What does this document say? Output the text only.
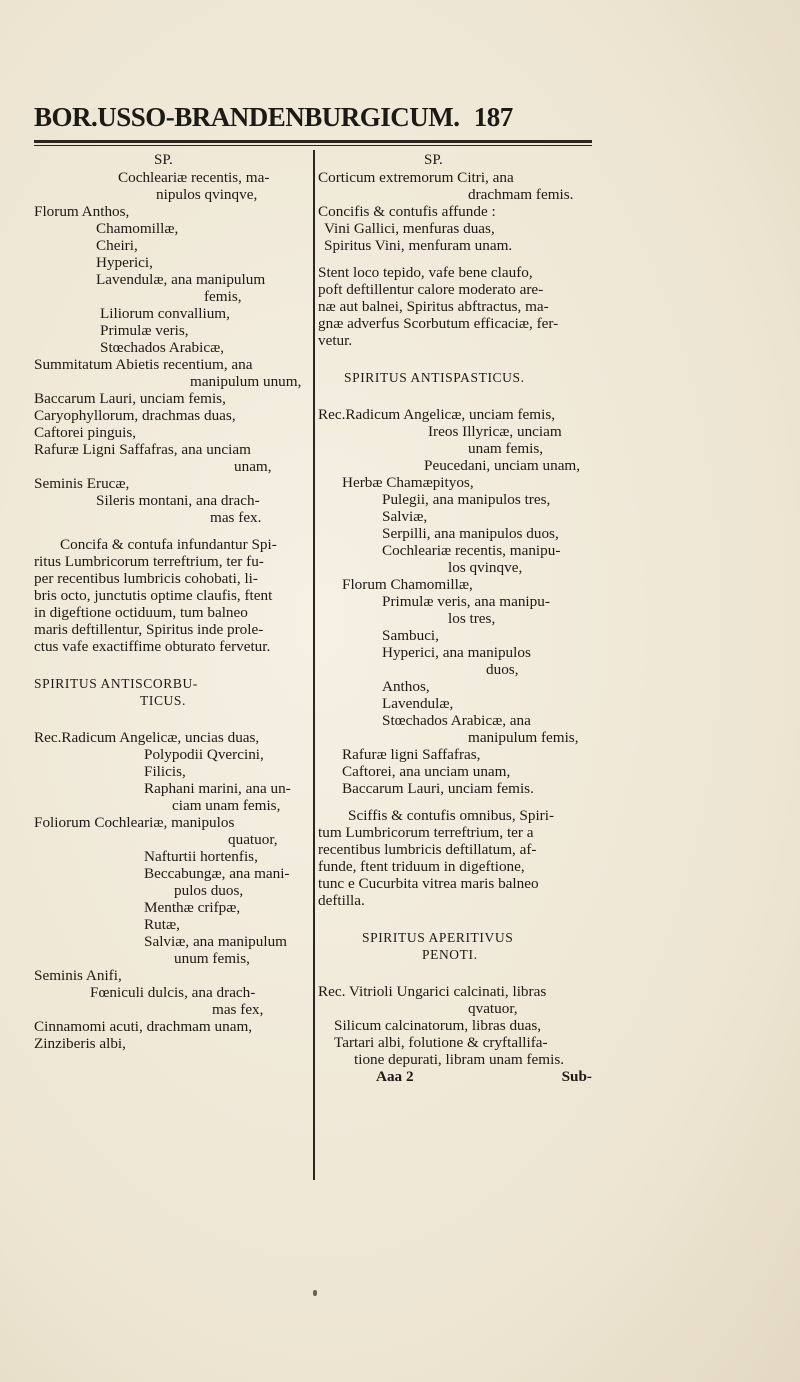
BOR.USSO-BRANDENBURGICUM. 187
SP.
Cochleariæ recentis, ma-
nipulos qvinqve,
Florum Anthos,
Chamomillæ,
Cheiri,
Hyperici,
Lavendulæ, ana manipulum
femis,
Liliorum convallium,
Primulæ veris,
Stœchados Arabicæ,
Summitatum Abietis recentium, ana
manipulum unum,
Baccarum Lauri, unciam femis,
Caryophyllorum, drachmas duas,
Caftorei pinguis,
Rafuræ Ligni Saffafras, ana unciam
unam,
Seminis Erucæ,
Sileris montani, ana drach-
mas fex.
Concifa & contufa infundantur Spi-
ritus Lumbricorum terreftrium, ter fu-
per recentibus lumbricis cohobati, li-
bris octo, junctutis optime claufis, ftent
in digeftione octiduum, tum balneo
maris deftillentur, Spiritus inde prole-
ctus vafe exactiffime obturato fervetur.
SPIRITUS ANTISCORBU-
TICUS.
Rec.Radicum Angelicæ, uncias duas,
Polypodii Qvercini,
Filicis,
Raphani marini, ana un-
ciam unam femis,
Foliorum Cochleariæ, manipulos
quatuor,
Nafturtii hortenfis,
Beccabungæ, ana mani-
pulos duos,
Menthæ crifpæ,
Rutæ,
Salviæ, ana manipulum
unum femis,
Seminis Anifi,
Fœniculi dulcis, ana drach-
mas fex,
Cinnamomi acuti, drachmam unam,
Zinziberis albi,
SP.
Corticum extremorum Citri, ana
drachmam femis.
Concifis & contufis affunde :
Vini Gallici, menfuras duas,
Spiritus Vini, menfuram unam.
Stent loco tepido, vafe bene claufo,
poft deftillentur calore moderato are-
næ aut balnei, Spiritus abftractus, ma-
gnæ adverfus Scorbutum efficaciæ, fer-
vetur.
SPIRITUS ANTISPASTICUS.
Rec.Radicum Angelicæ, unciam femis,
Ireos Illyricæ, unciam
unam femis,
Peucedani, unciam unam,
Herbæ Chamæpityos,
Pulegii, ana manipulos tres,
Salviæ,
Serpilli, ana manipulos duos,
Cochleariæ recentis, manipu-
los qvinqve,
Florum Chamomillæ,
Primulæ veris, ana manipu-
los tres,
Sambuci,
Hyperici, ana manipulos
duos,
Anthos,
Lavendulæ,
Stœchados Arabicæ, ana
manipulum femis,
Rafuræ ligni Saffafras,
Caftorei, ana unciam unam,
Baccarum Lauri, unciam femis.
Sciffis & contufis omnibus, Spiri-
tum Lumbricorum terreftrium, ter a
recentibus lumbricis deftillatum, af-
funde, ftent triduum in digeftione,
tunc e Cucurbita vitrea maris balneo
deftilla.
SPIRITUS APERITIVUS
PENOTI.
Rec. Vitrioli Ungarici calcinati, libras
qvatuor,
Silicum calcinatorum, libras duas,
Tartari albi, folutione & cryftallifa-
tione depurati, libram unam femis.
Aaa 2	Sub-
